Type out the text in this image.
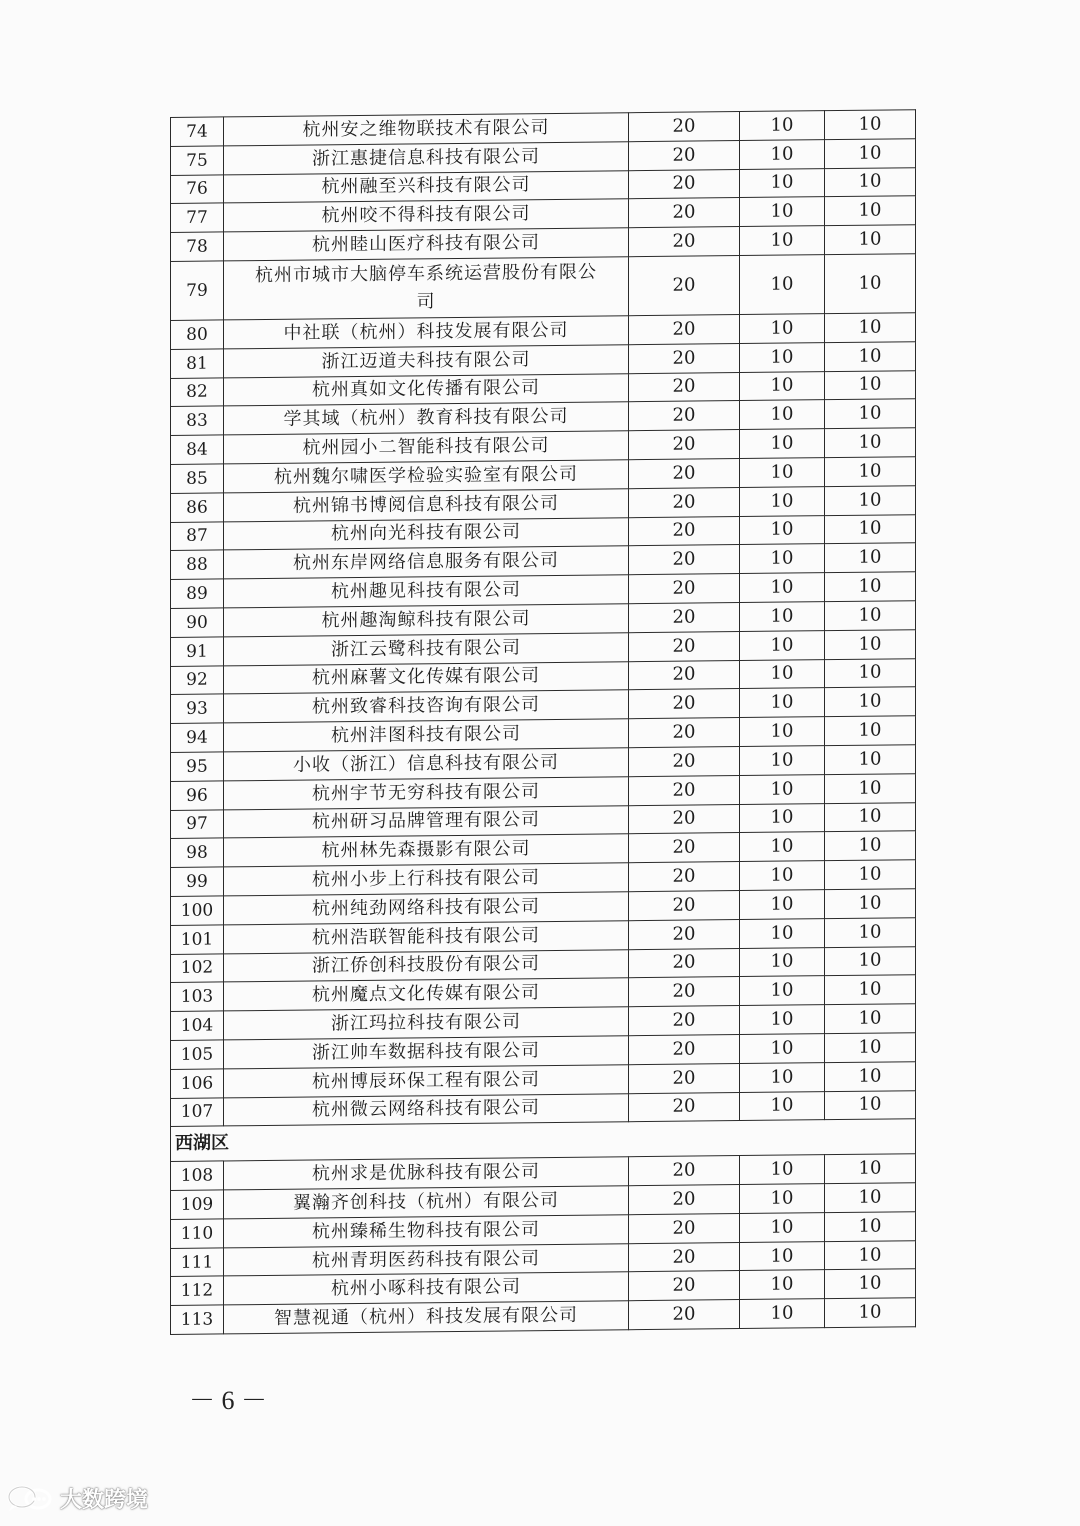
74	杭州安之维物联技术有限公司	20	10	10
75	浙江惠捷信息科技有限公司	20	10	10
76	杭州融至兴科技有限公司	20	10	10
77	杭州咬不得科技有限公司	20	10	10
78	杭州睦山医疗科技有限公司	20	10	10
79	杭州市城市大脑停车系统运营股份有限公司	20	10	10
80	中社联（杭州）科技发展有限公司	20	10	10
81	浙江迈道夫科技有限公司	20	10	10
82	杭州真如文化传播有限公司	20	10	10
83	学其域（杭州）教育科技有限公司	20	10	10
84	杭州园小二智能科技有限公司	20	10	10
85	杭州魏尔啸医学检验实验室有限公司	20	10	10
86	杭州锦书博阅信息科技有限公司	20	10	10
87	杭州向光科技有限公司	20	10	10
88	杭州东岸网络信息服务有限公司	20	10	10
89	杭州趣见科技有限公司	20	10	10
90	杭州趣淘鲸科技有限公司	20	10	10
91	浙江云鹭科技有限公司	20	10	10
92	杭州麻薯文化传媒有限公司	20	10	10
93	杭州致睿科技咨询有限公司	20	10	10
94	杭州沣图科技有限公司	20	10	10
95	小收（浙江）信息科技有限公司	20	10	10
96	杭州宇节无穷科技有限公司	20	10	10
97	杭州研习品牌管理有限公司	20	10	10
98	杭州林先森摄影有限公司	20	10	10
99	杭州小步上行科技有限公司	20	10	10
100	杭州纯劲网络科技有限公司	20	10	10
101	杭州浩联智能科技有限公司	20	10	10
102	浙江侨创科技股份有限公司	20	10	10
103	杭州魔点文化传媒有限公司	20	10	10
104	浙江玛拉科技有限公司	20	10	10
105	浙江帅车数据科技有限公司	20	10	10
106	杭州博辰环保工程有限公司	20	10	10
107	杭州微云网络科技有限公司	20	10	10
西湖区				
108	杭州求是优脉科技有限公司	20	10	10
109	翼瀚齐创科技（杭州）有限公司	20	10	10
110	杭州臻稀生物科技有限公司	20	10	10
111	杭州青玥医药科技有限公司	20	10	10
112	杭州小啄科技有限公司	20	10	10
113	智慧视通（杭州）科技发展有限公司	20	10	10
－ 6 －
大数跨境
